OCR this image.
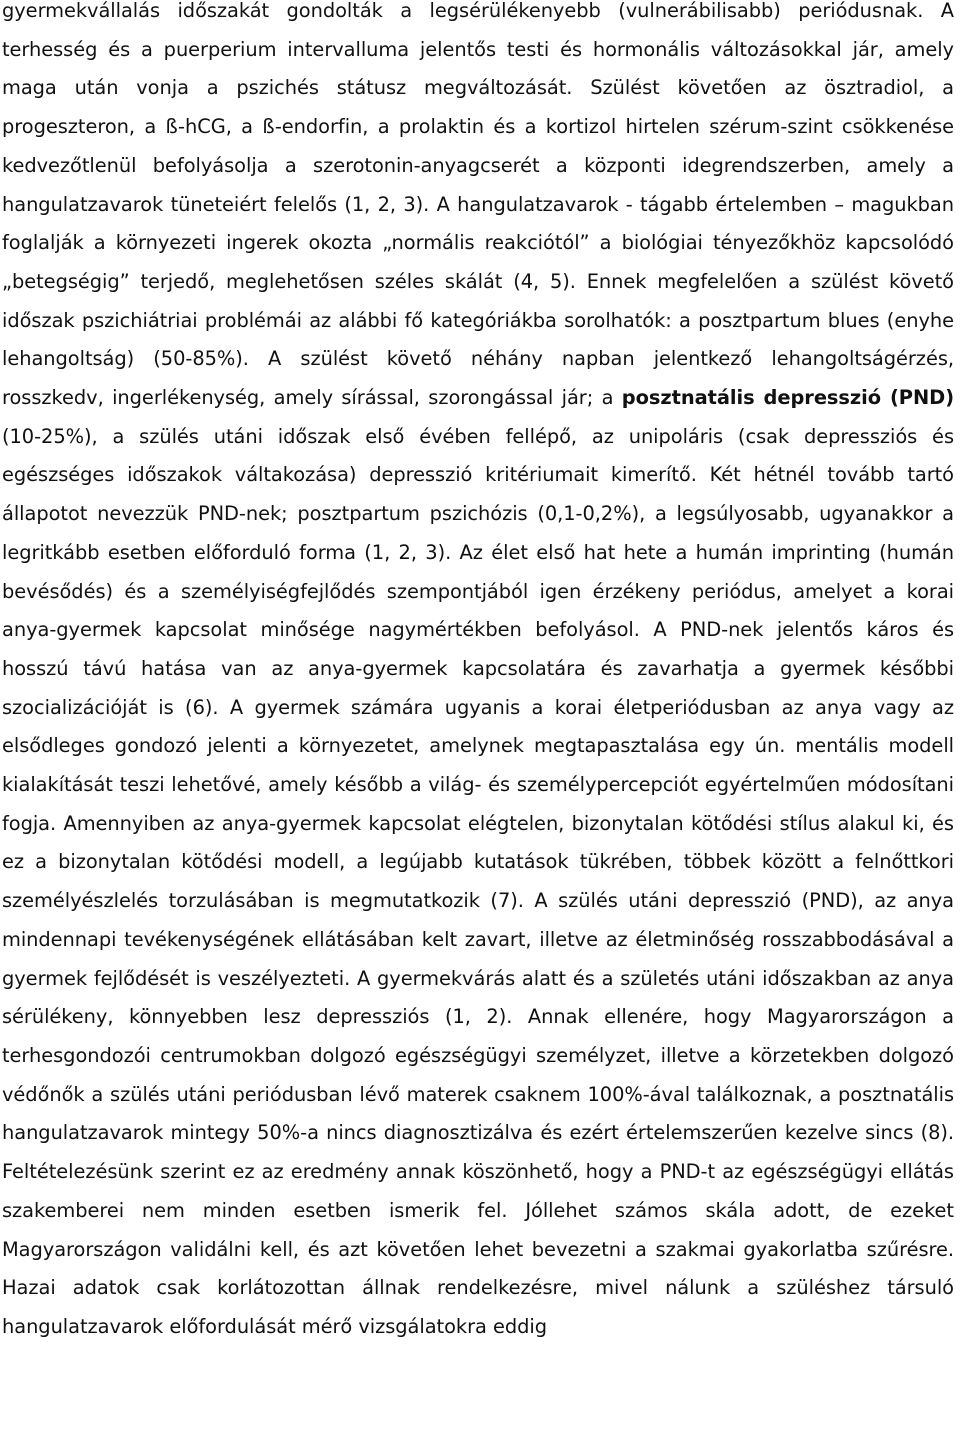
gyermekvállalás időszakát gondolták a legsérülékenyebb (vulnerábilisabb) periódusnak. A terhesség és a puerperium intervalluma jelentős testi és hormonális változásokkal jár, amely maga után vonja a pszichés státusz megváltozását. Szülést követően az ösztradiol, a progeszteron, a ß-hCG, a ß-endorfin, a prolaktin és a kortizol hirtelen szérum-szint csökkenése kedvezőtlenül befolyásolja a szerotonin-anyagcserét a központi idegrendszerben, amely a hangulatzavarok tüneteiért felelős (1, 2, 3). A hangulatzavarok - tágabb értelemben – magukban foglalják a környezeti ingerek okozta „normális reakciótól” a biológiai tényezőkhöz kapcsolódó „betegségig” terjedő, meglehetősen széles skálát (4, 5). Ennek megfelelően a szülést követő időszak pszichiátriai problémái az alábbi fő kategóriákba sorolhatók: a posztpartum blues (enyhe lehangoltság) (50-85%). A szülést követő néhány napban jelentkező lehangoltságérzés, rosszkedv, ingerlékenység, amely sírással, szorongással jár; a posztnatális depresszió (PND) (10-25%), a szülés utáni időszak első évében fellépő, az unipoláris (csak depressziós és egészséges időszakok váltakozása) depresszió kritériumait kimerítő. Két hétnél tovább tartó állapotot nevezzük PND-nek; posztpartum pszichózis (0,1-0,2%), a legsúlyosabb, ugyanakkor a legritkább esetben előforduló forma (1, 2, 3). Az élet első hat hete a humán imprinting (humán bevésődés) és a személyiségfejlődés szempontjából igen érzékeny periódus, amelyet a korai anya-gyermek kapcsolat minősége nagymértékben befolyásol. A PND-nek jelentős káros és hosszú távú hatása van az anya-gyermek kapcsolatára és zavarhatja a gyermek későbbi szocializációját is (6). A gyermek számára ugyanis a korai életperiódusban az anya vagy az elsődleges gondozó jelenti a környezetet, amelynek megtapasztalása egy ún. mentális modell kialakítását teszi lehetővé, amely később a világ- és személypercepciót egyértelműen módosítani fogja. Amennyiben az anya-gyermek kapcsolat elégtelen, bizonytalan kötődési stílus alakul ki, és ez a bizonytalan kötődési modell, a legújabb kutatások tükrében, többek között a felnőttkori személyészlelés torzulásában is megmutatkozik (7). A szülés utáni depresszió (PND), az anya mindennapi tevékenységének ellátásában kelt zavart, illetve az életminőség rosszabbodásával a gyermek fejlődését is veszélyezteti. A gyermekvárás alatt és a születés utáni időszakban az anya sérülékeny, könnyebben lesz depressziós (1, 2). Annak ellenére, hogy Magyarországon a terhesgondozói centrumokban dolgozó egészségügyi személyzet, illetve a körzetekben dolgozó védőnők a szülés utáni periódusban lévő materek csaknem 100%-ával találkoznak, a posztnatális hangulatzavarok mintegy 50%-a nincs diagnosztizálva és ezért értelemszerűen kezelve sincs (8). Feltételezésünk szerint ez az eredmény annak köszönhető, hogy a PND-t az egészségügyi ellátás szakemberei nem minden esetben ismerik fel. Jóllehet számos skála adott, de ezeket Magyarországon validálni kell, és azt követően lehet bevezetni a szakmai gyakorlatba szűrésre. Hazai adatok csak korlátozottan állnak rendelkezésre, mivel nálunk a szüléshez társuló hangulatzavarok előfordulását mérő vizsgálatokra eddig
